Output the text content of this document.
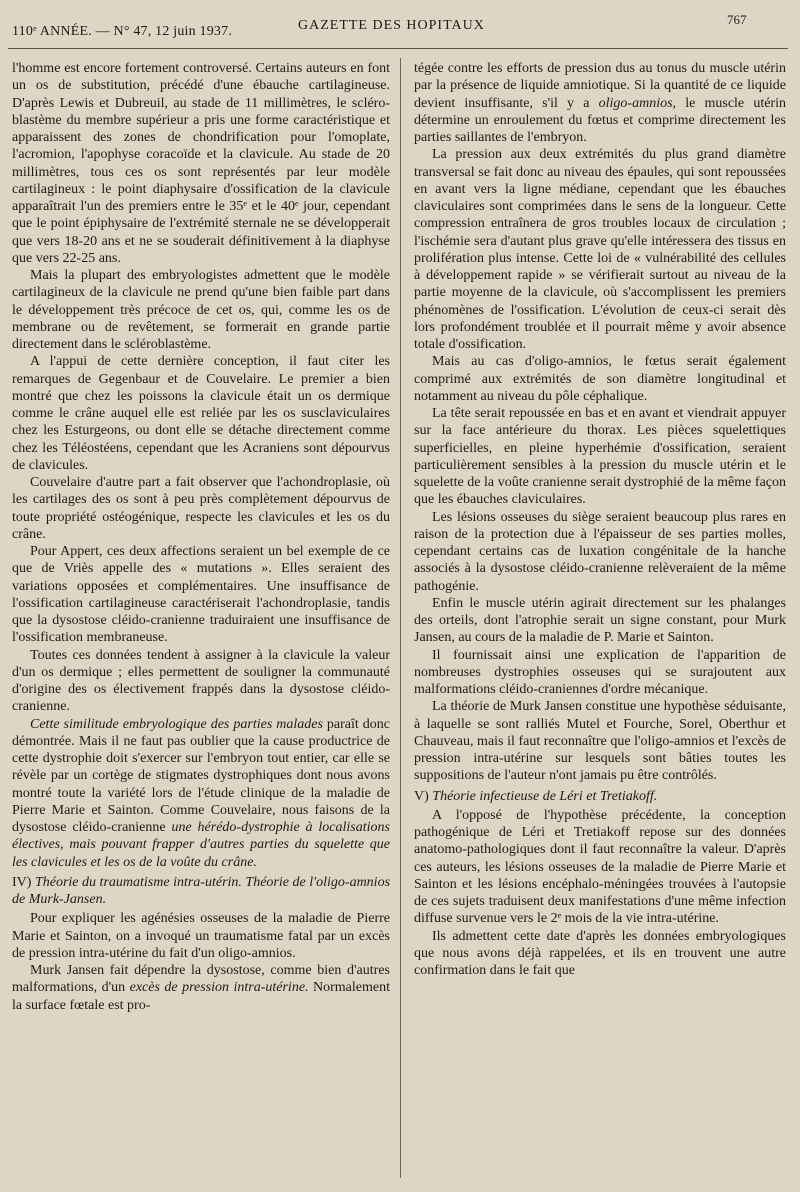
110ᵉ ANNÉE. — N° 47, 12 juin 1937.	GAZETTE DES HOPITAUX	767

l'homme est encore fortement controversé. Certains auteurs en font un os de substitution, précédé d'une ébauche cartilagineuse. D'après Lewis et Dubreuil, au stade de 11 millimètres, le scléro-blastème du membre supérieur a pris une forme caractéristique et apparaissent des zones de chondrification pour l'omoplate, l'acromion, l'apophyse coracoïde et la clavicule. Au stade de 20 millimètres, tous ces os sont représentés par leur modèle cartilagineux : le point diaphysaire d'ossification de la clavicule apparaîtrait l'un des premiers entre le 35ᵉ et le 40ᵉ jour, cependant que le point épiphysaire de l'extrémité sternale ne se développerait que vers 18-20 ans et ne se souderait définitivement à la diaphyse que vers 22-25 ans.

Mais la plupart des embryologistes admettent que le modèle cartilagineux de la clavicule ne prend qu'une bien faible part dans le développement très précoce de cet os, qui, comme les os de membrane ou de revêtement, se formerait en grande partie directement dans le scléroblastème.

A l'appui de cette dernière conception, il faut citer les remarques de Gegenbaur et de Couvelaire. Le premier a bien montré que chez les poissons la clavicule était un os dermique comme le crâne auquel elle est reliée par les os susclaviculaires chez les Esturgeons, ou dont elle se détache directement comme chez les Téléostéens, cependant que les Acraniens sont dépourvus de clavicules.

Couvelaire d'autre part a fait observer que l'achondroplasie, où les cartilages des os sont à peu près complètement dépourvus de toute propriété ostéogénique, respecte les clavicules et les os du crâne.

Pour Appert, ces deux affections seraient un bel exemple de ce que de Vriès appelle des « mutations ». Elles seraient des variations opposées et complémentaires. Une insuffisance de l'ossification cartilagineuse caractériserait l'achondroplasie, tandis que la dysostose cléido-cranienne traduiraient une insuffisance de l'ossification membraneuse.

Toutes ces données tendent à assigner à la clavicule la valeur d'un os dermique ; elles permettent de souligner la communauté d'origine des os électivement frappés dans la dysostose cléido-cranienne.

Cette similitude embryologique des parties malades paraît donc démontrée. Mais il ne faut pas oublier que la cause productrice de cette dystrophie doit s'exercer sur l'embryon tout entier, car elle se révèle par un cortège de stigmates dystrophiques dont nous avons montré toute la variété lors de l'étude clinique de la maladie de Pierre Marie et Sainton. Comme Couvelaire, nous faisons de la dysostose cléido-cranienne une hérédo-dystrophie à localisations électives, mais pouvant frapper d'autres parties du squelette que les clavicules et les os de la voûte du crâne.

IV) Théorie du traumatisme intra-utérin. Théorie de l'oligo-amnios de Murk-Jansen.

Pour expliquer les agénésies osseuses de la maladie de Pierre Marie et Sainton, on a invoqué un traumatisme fatal par un excès de pression intra-utérine du fait d'un oligo-amnios.

Murk Jansen fait dépendre la dysostose, comme bien d'autres malformations, d'un excès de pression intra-utérine. Normalement la surface fœtale est pro-

tégée contre les efforts de pression dus au tonus du muscle utérin par la présence de liquide amniotique. Si la quantité de ce liquide devient insuffisante, s'il y a oligo-amnios, le muscle utérin détermine un enroulement du fœtus et comprime directement les parties saillantes de l'embryon.

La pression aux deux extrémités du plus grand diamètre transversal se fait donc au niveau des épaules, qui sont repoussées en avant vers la ligne médiane, cependant que les ébauches claviculaires sont comprimées dans le sens de la longueur. Cette compression entraînera de gros troubles locaux de circulation ; l'ischémie sera d'autant plus grave qu'elle intéressera des tissus en prolifération plus intense. Cette loi de « vulnérabilité des cellules à développement rapide » se vérifierait surtout au niveau de la partie moyenne de la clavicule, où s'accomplissent les premiers phénomènes de l'ossification. L'évolution de ceux-ci serait dès lors profondément troublée et il pourrait même y avoir absence totale d'ossification.

Mais au cas d'oligo-amnios, le fœtus serait également comprimé aux extrémités de son diamètre longitudinal et notamment au niveau du pôle céphalique.

La tête serait repoussée en bas et en avant et viendrait appuyer sur la face antérieure du thorax. Les pièces squelettiques superficielles, en pleine hyperhémie d'ossification, seraient particulièrement sensibles à la pression du muscle utérin et le squelette de la voûte cranienne serait dystrophié de la même façon que les ébauches claviculaires.

Les lésions osseuses du siège seraient beaucoup plus rares en raison de la protection due à l'épaisseur de ses parties molles, cependant certains cas de luxation congénitale de la hanche associés à la dysostose cléido-cranienne relèveraient de la même pathogénie.

Enfin le muscle utérin agirait directement sur les phalanges des orteils, dont l'atrophie serait un signe constant, pour Murk Jansen, au cours de la maladie de P. Marie et Sainton.

Il fournissait ainsi une explication de l'apparition de nombreuses dystrophies osseuses qui se surajoutent aux malformations cléido-craniennes d'ordre mécanique.

La théorie de Murk Jansen constitue une hypothèse séduisante, à laquelle se sont ralliés Mutel et Fourche, Sorel, Oberthur et Chauveau, mais il faut reconnaître que l'oligo-amnios et l'excès de pression intra-utérine sur lesquels sont bâties toutes les suppositions de l'auteur n'ont jamais pu être contrôlés.

V) Théorie infectieuse de Léri et Tretiakoff.

A l'opposé de l'hypothèse précédente, la conception pathogénique de Léri et Tretiakoff repose sur des données anatomo-pathologiques dont il faut reconnaître la valeur. D'après ces auteurs, les lésions osseuses de la maladie de Pierre Marie et Sainton et les lésions encéphalo-méningées trouvées à l'autopsie de ces sujets traduisent deux manifestations d'une même infection diffuse survenue vers le 2ᵉ mois de la vie intra-utérine.

Ils admettent cette date d'après les données embryologiques que nous avons déjà rappelées, et ils en trouvent une autre confirmation dans le fait que
